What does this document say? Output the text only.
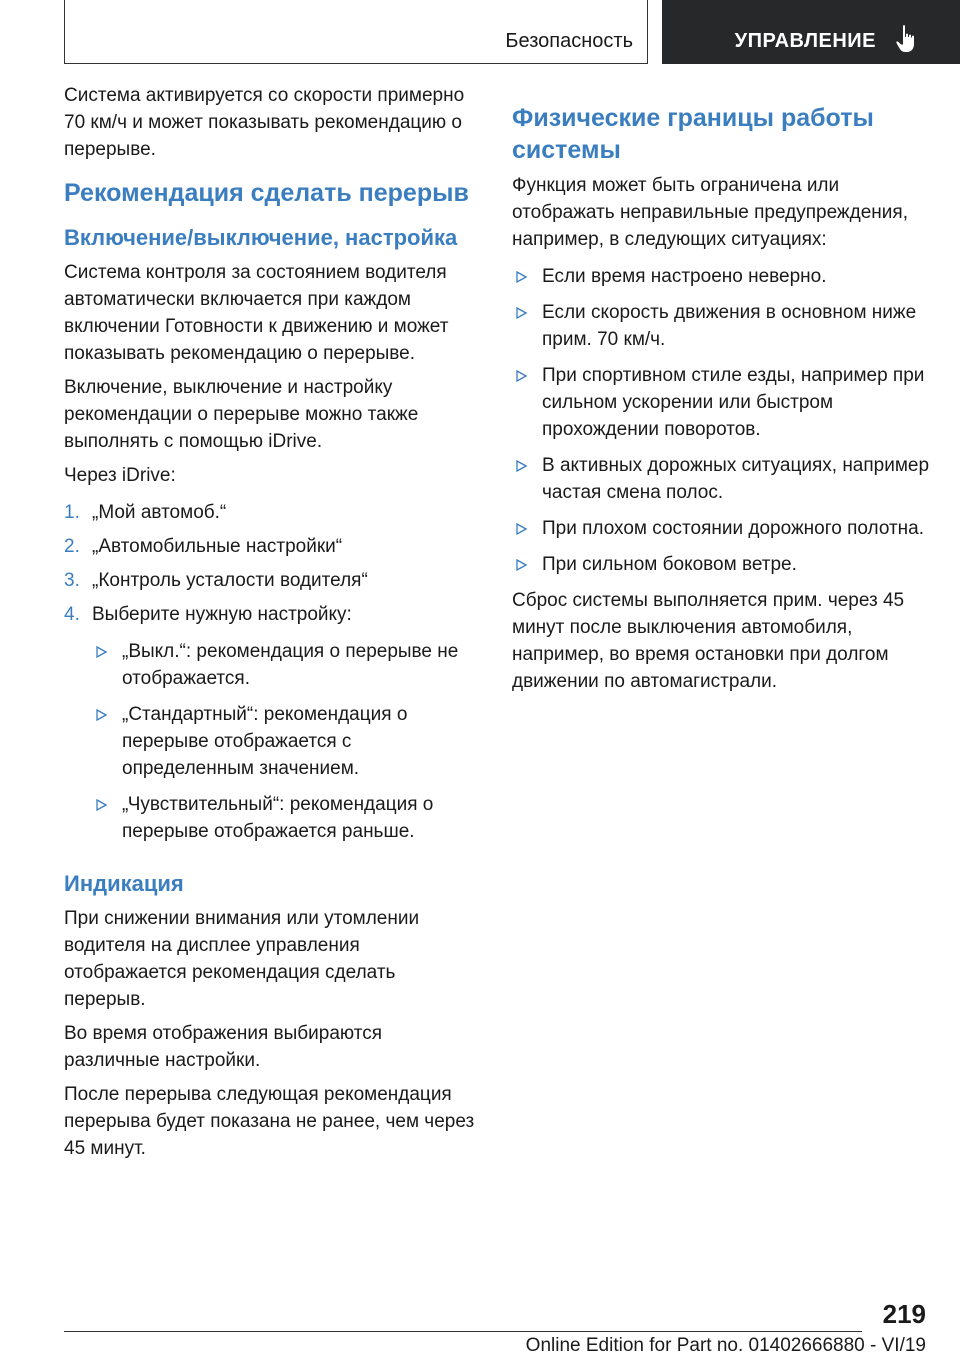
Безопасность	УПРАВЛЕНИЕ

Система активируется со скорости примерно 70 км/ч и может показывать рекомендацию о перерыве.

Рекомендация сделать перерыв
Включение/выключение, настройка

Система контроля за состоянием водителя автоматически включается при каждом включении Готовности к движению и может показывать рекомендацию о перерыве.

Включение, выключение и настройку рекомендации о перерыве можно также выполнять с помощью iDrive.

Через iDrive:

1. „Мой автомоб.“
2. „Автомобильные настройки“
3. „Контроль усталости водителя“
4. Выберите нужную настройку:
„Выкл.“: рекомендация о перерыве не отображается.
„Стандартный“: рекомендация о перерыве отображается с определенным значением.
„Чувствительный“: рекомендация о перерыве отображается раньше.
Индикация

При снижении внимания или утомлении водителя на дисплее управления отображается рекомендация сделать перерыв.

Во время отображения выбираются различные настройки.

После перерыва следующая рекомендация перерыва будет показана не ранее, чем через 45 минут.

Физические границы работы системы

Функция может быть ограничена или отображать неправильные предупреждения, например, в следующих ситуациях:

Если время настроено неверно.
Если скорость движения в основном ниже прим. 70 км/ч.
При спортивном стиле езды, например при сильном ускорении или быстром прохождении поворотов.
В активных дорожных ситуациях, например частая смена полос.
При плохом состоянии дорожного полотна.
При сильном боковом ветре.

Сброс системы выполняется прим. через 45 минут после выключения автомобиля, например, во время остановки при долгом движении по автомагистрали.

219
Online Edition for Part no. 01402666880 - VI/19
